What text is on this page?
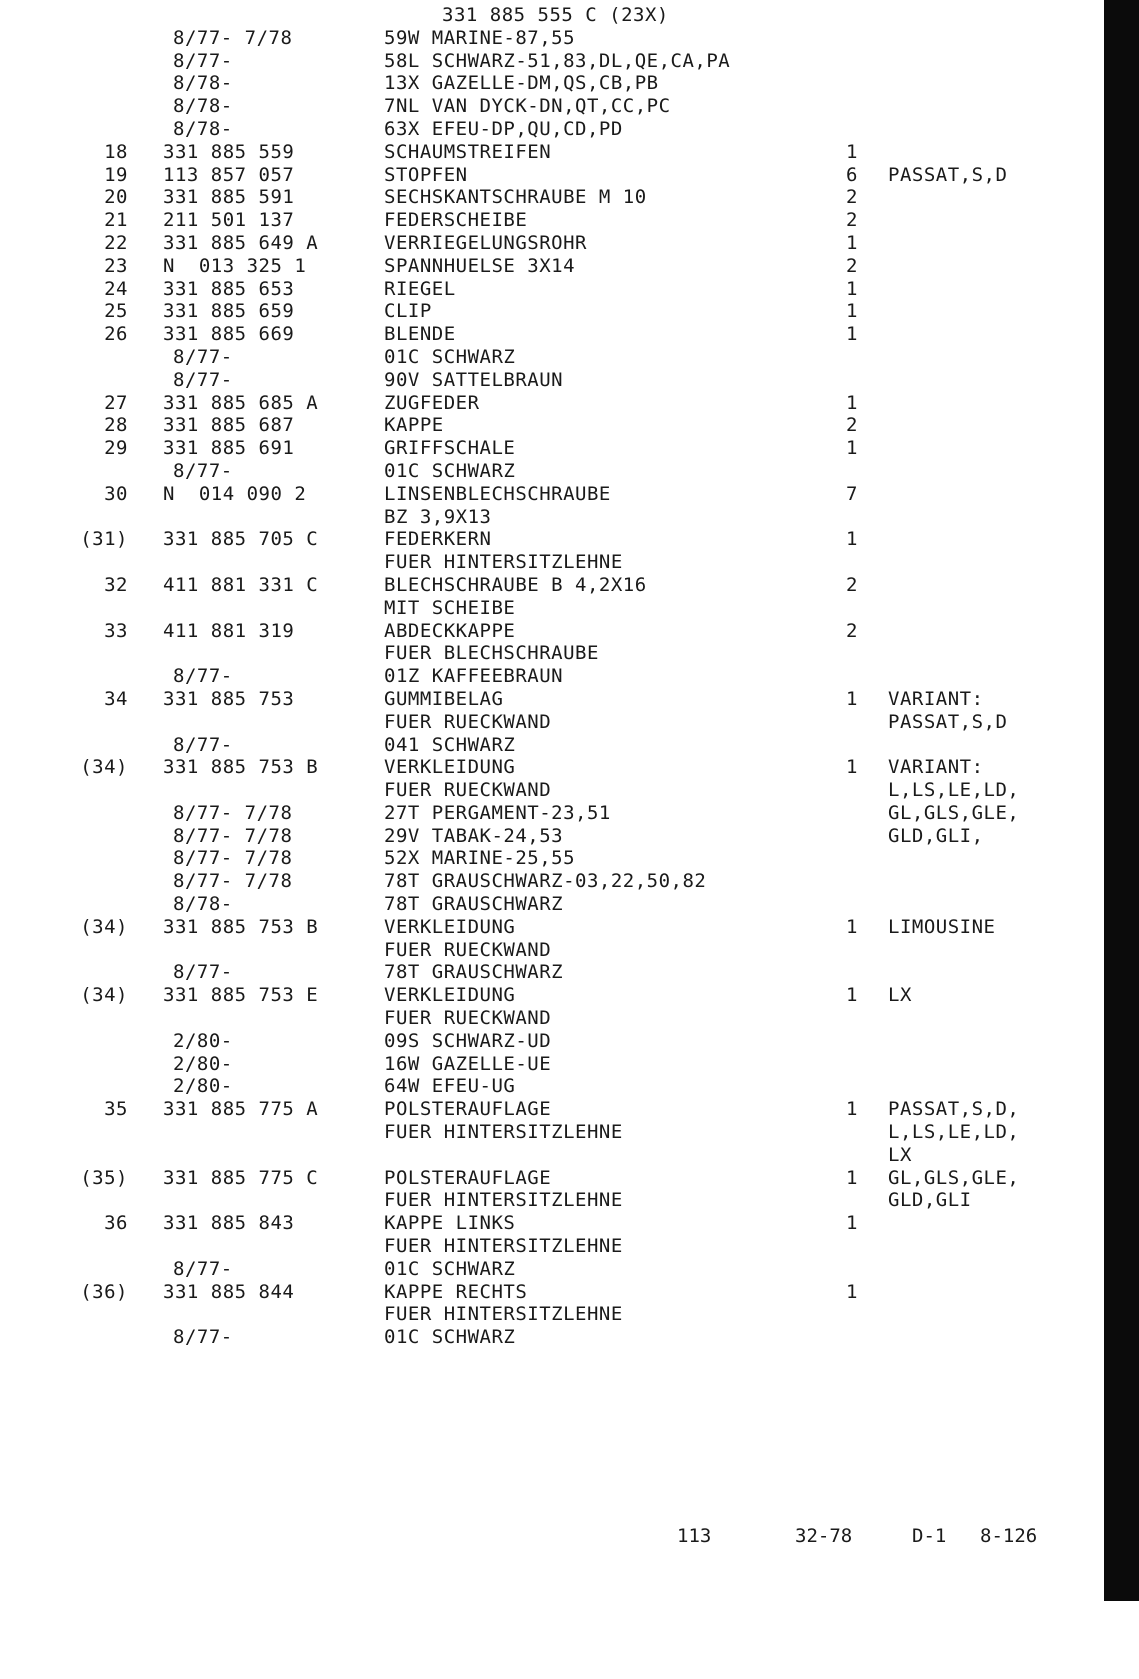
331 885 555 C (23X)

8/77- 7/78	59W MARINE-87,55
8/77-	58L SCHWARZ-51,83,DL,QE,CA,PA
8/78-	13X GAZELLE-DM,QS,CB,PB
8/78-	7NL VAN DYCK-DN,QT,CC,PC
8/78-	63X EFEU-DP,QU,CD,PD
18 331 885 559	SCHAUMSTREIFEN	1
19 113 857 057	STOPFEN	6 PASSAT,S,D
20 331 885 591	SECHSKANTSCHRAUBE M 10	2
21 211 501 137	FEDERSCHEIBE	2
22 331 885 649 A	VERRIEGELUNGSROHR	1
23 N  013 325 1	SPANNHUELSE 3X14	2
24 331 885 653	RIEGEL	1
25 331 885 659	CLIP	1
26 331 885 669	BLENDE	1
8/77-	01C SCHWARZ
8/77-	90V SATTELBRAUN
27 331 885 685 A	ZUGFEDER	1
28 331 885 687	KAPPE	2
29 331 885 691	GRIFFSCHALE	1
8/77-	01C SCHWARZ
30 N  014 090 2	LINSENBLECHSCHRAUBE	7
BZ 3,9X13
(31) 331 885 705 C	FEDERKERN	1
FUER HINTERSITZLEHNE
32 411 881 331 C	BLECHSCHRAUBE B 4,2X16	2
MIT SCHEIBE
33 411 881 319	ABDECKKAPPE	2
FUER BLECHSCHRAUBE
8/77-	01Z KAFFEEBRAUN
34 331 885 753	GUMMIBELAG	1 VARIANT:
FUER RUECKWAND	PASSAT,S,D
8/77-	041 SCHWARZ
(34) 331 885 753 B	VERKLEIDUNG	1 VARIANT:
FUER RUECKWAND	L,LS,LE,LD,
8/77- 7/78	27T PERGAMENT-23,51	GL,GLS,GLE,
8/77- 7/78	29V TABAK-24,53	GLD,GLI,
8/77- 7/78	52X MARINE-25,55
8/77- 7/78	78T GRAUSCHWARZ-03,22,50,82
8/78-	78T GRAUSCHWARZ
(34) 331 885 753 B	VERKLEIDUNG	1 LIMOUSINE
FUER RUECKWAND
8/77-	78T GRAUSCHWARZ
(34) 331 885 753 E	VERKLEIDUNG	1 LX
FUER RUECKWAND
2/80-	09S SCHWARZ-UD
2/80-	16W GAZELLE-UE
2/80-	64W EFEU-UG
35 331 885 775 A	POLSTERAUFLAGE	1 PASSAT,S,D,
FUER HINTERSITZLEHNE	L,LS,LE,LD,
LX
(35) 331 885 775 C	POLSTERAUFLAGE	1 GL,GLS,GLE,
FUER HINTERSITZLEHNE	GLD,GLI
36 331 885 843	KAPPE LINKS	1
FUER HINTERSITZLEHNE
8/77-	01C SCHWARZ
(36) 331 885 844	KAPPE RECHTS	1
FUER HINTERSITZLEHNE
8/77-	01C SCHWARZ

113

	32-78

	D-1

8-126
